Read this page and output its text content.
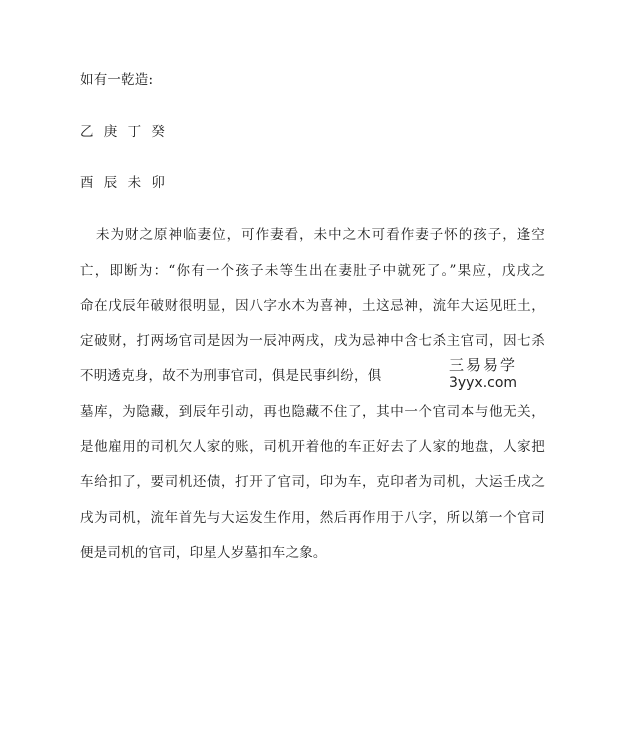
如有一乾造:
乙 庚 丁 癸
酉 辰 未 卯
未为财之原神临妻位，可作妻看，未中之木可看作妻子怀的孩子，逢空
亡，即断为：“你有一个孩子未等生出在妻肚子中就死了。”果应，戊戌之
命在戊辰年破财很明显，因八字水木为喜神，土这忌神，流年大运见旺土，
定破财，打两场官司是因为一辰冲两戌，戌为忌神中含七杀主官司，因七杀
不明透克身，故不为刑事官司，俱是民事纠纷，俱
墓库，为隐藏，到辰年引动，再也隐藏不住了，其中一个官司本与他无关，
是他雇用的司机欠人家的账，司机开着他的车正好去了人家的地盘，人家把
车给扣了，要司机还债，打开了官司，印为车，克印者为司机，大运壬戌之
戌为司机，流年首先与大运发生作用，然后再作用于八字，所以第一个官司
便是司机的官司，印星人岁墓扣车之象。
三易易学
3yyx.com
